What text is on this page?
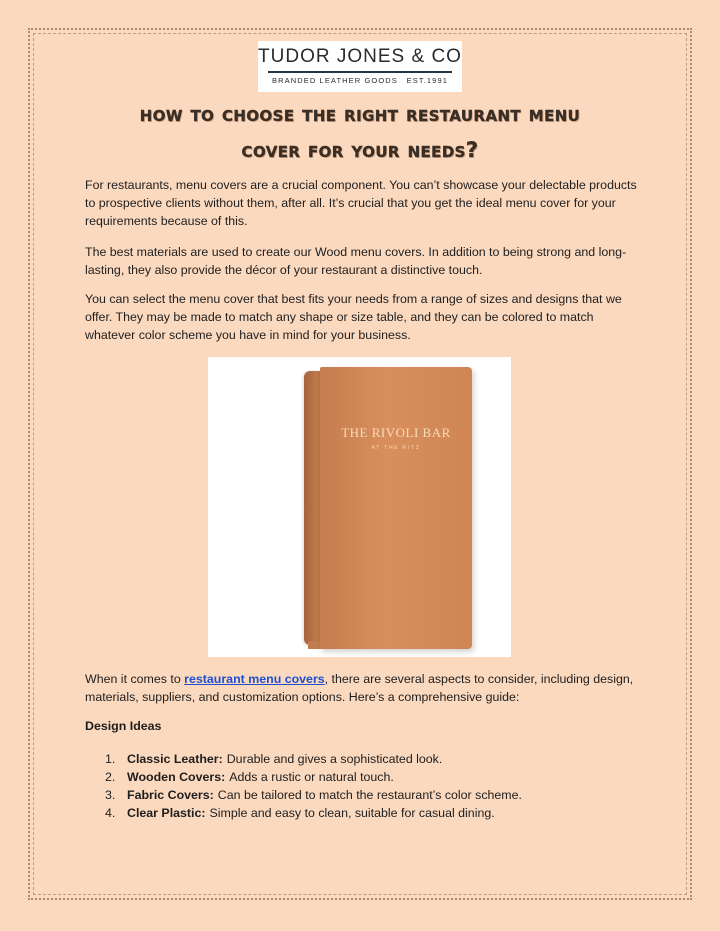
TUDOR JONES & CO
BRANDED LEATHER GOODS EST.1991
how to choose the right restaurant menu
cover for your needs?

For restaurants, menu covers are a crucial component. You can’t showcase your delectable products to prospective clients without them, after all. It’s crucial that you get the ideal menu cover for your requirements because of this.

The best materials are used to create our Wood menu covers. In addition to being strong and long-lasting, they also provide the décor of your restaurant a distinctive touch.

You can select the menu cover that best fits your needs from a range of sizes and designs that we offer. They may be made to match any shape or size table, and they can be colored to match whatever color scheme you have in mind for your business.

THE RIVOLI BAR
AT THE RITZ

When it comes to restaurant menu covers, there are several aspects to consider, including design, materials, suppliers, and customization options. Here’s a comprehensive guide:

Design Ideas
1. Classic Leather: Durable and gives a sophisticated look.
2. Wooden Covers: Adds a rustic or natural touch.
3. Fabric Covers: Can be tailored to match the restaurant’s color scheme.
4. Clear Plastic: Simple and easy to clean, suitable for casual dining.
